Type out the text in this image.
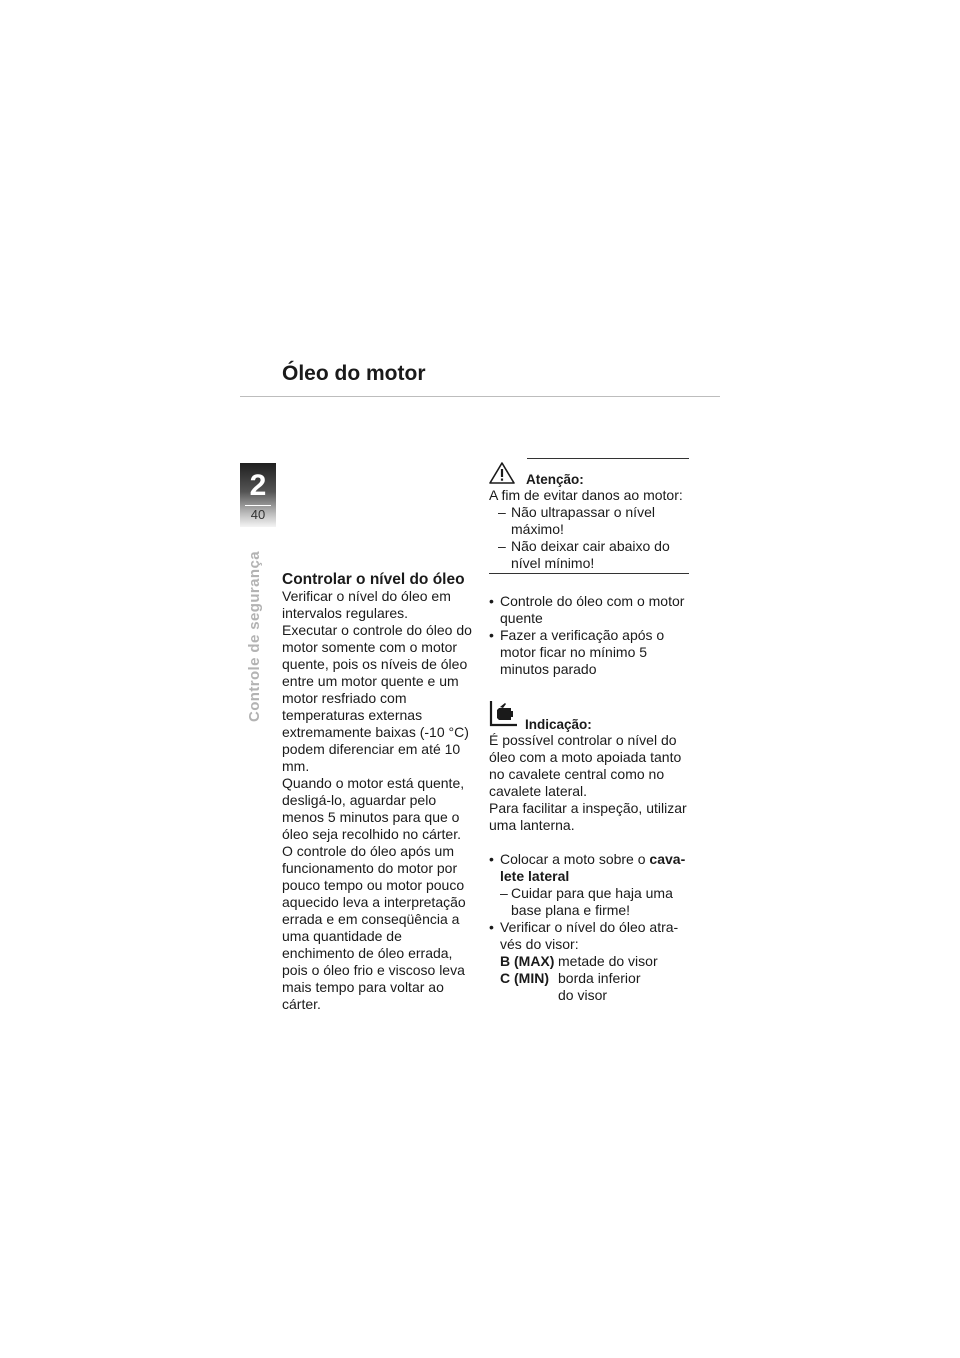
Óleo do motor
2
40
Controle de segurança Controlar o nível do óleo

Verificar o nível do óleo em intervalos regulares.

Executar o controle do óleo do motor somente com o motor quente, pois os níveis de óleo entre um motor quente e um motor resfriado com temperaturas externas extremamente baixas (-10 °C) podem diferenciar em até 10 mm.

Quando o motor está quente, desligá-lo, aguardar pelo menos 5 minutos para que o óleo seja recolhido no cárter.

O controle do óleo após um funcionamento do motor por pouco tempo ou motor pouco aquecido leva a interpretação errada e em conseqüência a uma quantidade de enchimento de óleo errada, pois o óleo frio e viscoso leva mais tempo para voltar ao cárter.

Atenção:
A fim de evitar danos ao motor:
– Não ultrapassar o nível máximo!
– Não deixar cair abaixo do nível mínimo!
• Controle do óleo com o motor quente
• Fazer a verificação após o motor ficar no mínimo 5 minutos parado
Indicação:

É possível controlar o nível do óleo com a moto apoiada tanto no cavalete central como no cavalete lateral.

Para facilitar a inspeção, utilizar uma lanterna.

• Colocar a moto sobre o cava-lete lateral
– Cuidar para que haja uma base plana e firme!
• Verificar o nível do óleo atra-vés do visor:
B (MAX) metade do visor
C (MIN) borda inferior do visor
